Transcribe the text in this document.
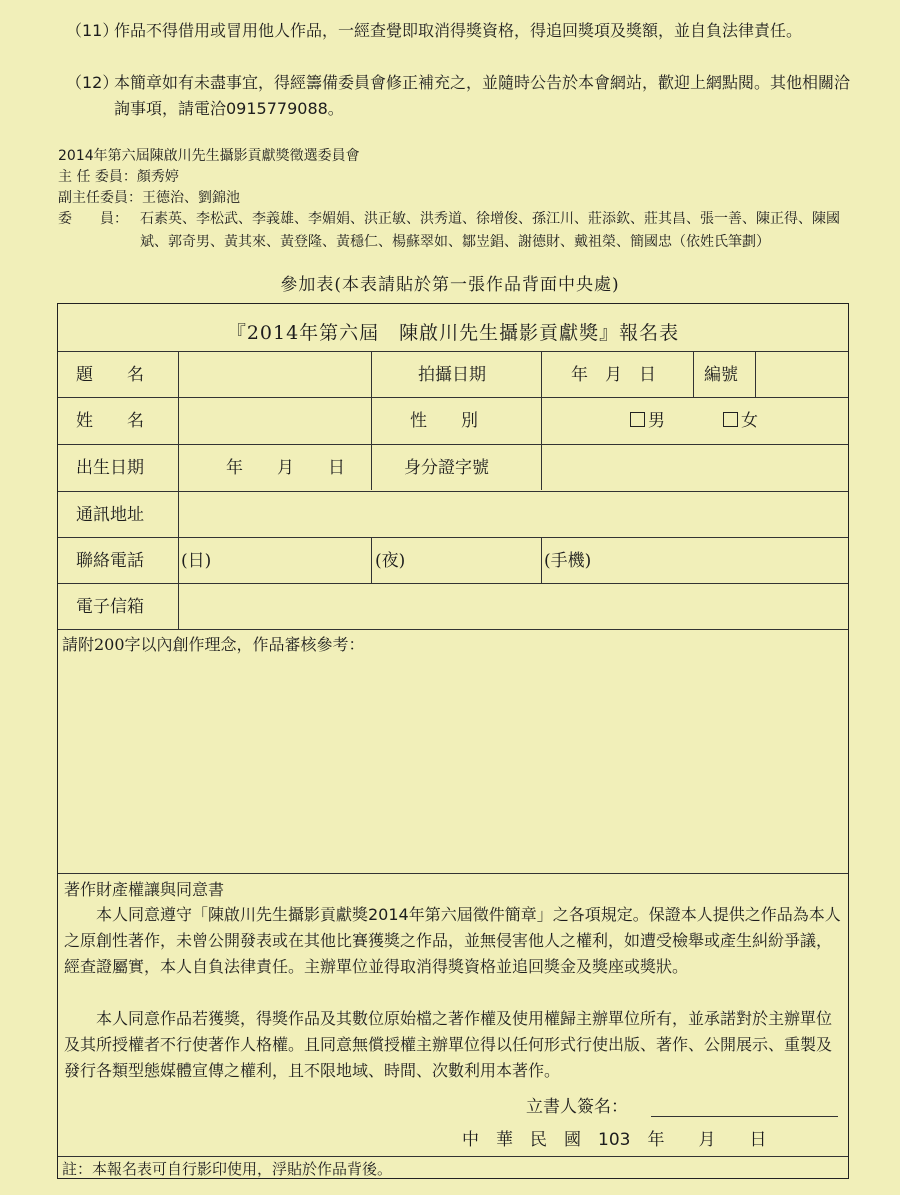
（11）
作品不得借用或冒用他人作品，一經查覺即取消得獎資格，得追回獎項及獎額，並自負法律責任。
（12）
本簡章如有未盡事宜，得經籌備委員會修正補充之，並隨時公告於本會網站，歡迎上網點閱。其他相關洽詢事項，請電洽0915779088。
2014年第六屆陳啟川先生攝影貢獻獎徵選委員會
主 任 委員：顏秀婷
副主任委員：王德治、劉錦池
委　　員： 石素英、李松武、李義雄、李媚娟、洪正敏、洪秀道、徐增俊、孫江川、莊添欽、莊其昌、張一善、陳正得、陳國斌、郭奇男、黃其來、黃登隆、黃穩仁、楊蘇翠如、鄒岦錩、謝德財、戴祖榮、簡國忠（依姓氏筆劃）
參加表(本表請貼於第一張作品背面中央處)
『2014年第六屆　陳啟川先生攝影貢獻獎』報名表
題　　名	拍攝日期	年　月　日	編號
姓　　名	性　　別	男	女
出生日期	年　　月　　日	身分證字號
通訊地址
聯絡電話 (日)	(夜)	(手機)
電子信箱
請附200字以內創作理念，作品審核參考：
著作財產權讓與同意書
本人同意遵守「陳啟川先生攝影貢獻獎2014年第六屆徵件簡章」之各項規定。保證本人提供之作品為本人之原創性著作，未曾公開發表或在其他比賽獲獎之作品，並無侵害他人之權利，如遭受檢舉或產生糾紛爭議，經查證屬實，本人自負法律責任。主辦單位並得取消得獎資格並追回獎金及獎座或獎狀。
本人同意作品若獲獎，得獎作品及其數位原始檔之著作權及使用權歸主辦單位所有，並承諾對於主辦單位及其所授權者不行使著作人格權。且同意無償授權主辦單位得以任何形式行使出版、著作、公開展示、重製及發行各類型態媒體宣傳之權利，且不限地域、時間、次數利用本著作。
立書人簽名：
中　華　民　國　103　年　　月　　日
註：本報名表可自行影印使用，浮貼於作品背後。
